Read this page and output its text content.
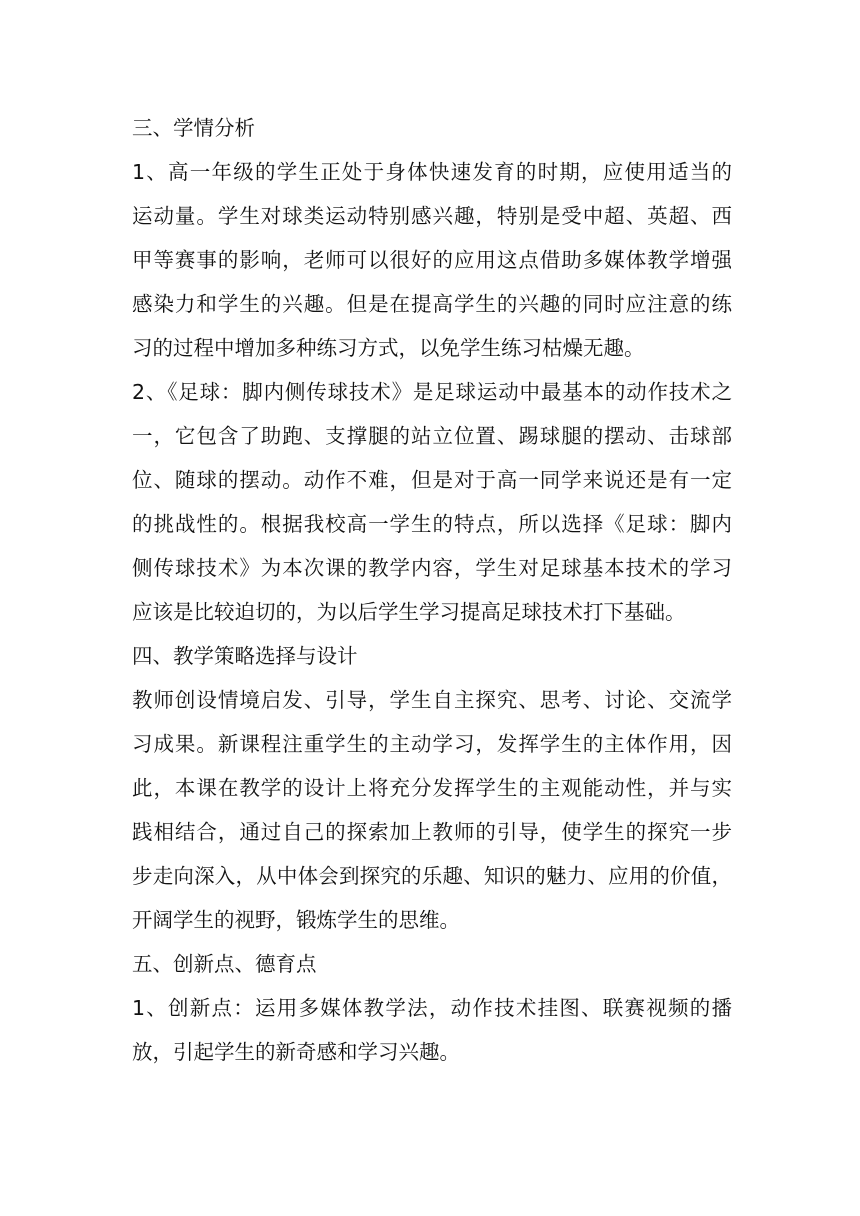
三、学情分析
1、高一年级的学生正处于身体快速发育的时期，应使用适当的
运动量。学生对球类运动特别感兴趣，特别是受中超、英超、西
甲等赛事的影响，老师可以很好的应用这点借助多媒体教学增强
感染力和学生的兴趣。但是在提高学生的兴趣的同时应注意的练
习的过程中增加多种练习方式，以免学生练习枯燥无趣。
2、《足球：脚内侧传球技术》是足球运动中最基本的动作技术之
一，它包含了助跑、支撑腿的站立位置、踢球腿的摆动、击球部
位、随球的摆动。动作不难，但是对于高一同学来说还是有一定
的挑战性的。根据我校高一学生的特点，所以选择《足球：脚内
侧传球技术》为本次课的教学内容，学生对足球基本技术的学习
应该是比较迫切的，为以后学生学习提高足球技术打下基础。
四、教学策略选择与设计
教师创设情境启发、引导，学生自主探究、思考、讨论、交流学
习成果。新课程注重学生的主动学习，发挥学生的主体作用，因
此，本课在教学的设计上将充分发挥学生的主观能动性，并与实
践相结合，通过自己的探索加上教师的引导，使学生的探究一步
步走向深入，从中体会到探究的乐趣、知识的魅力、应用的价值，
开阔学生的视野，锻炼学生的思维。
五、创新点、德育点
1、创新点：运用多媒体教学法，动作技术挂图、联赛视频的播
放，引起学生的新奇感和学习兴趣。
